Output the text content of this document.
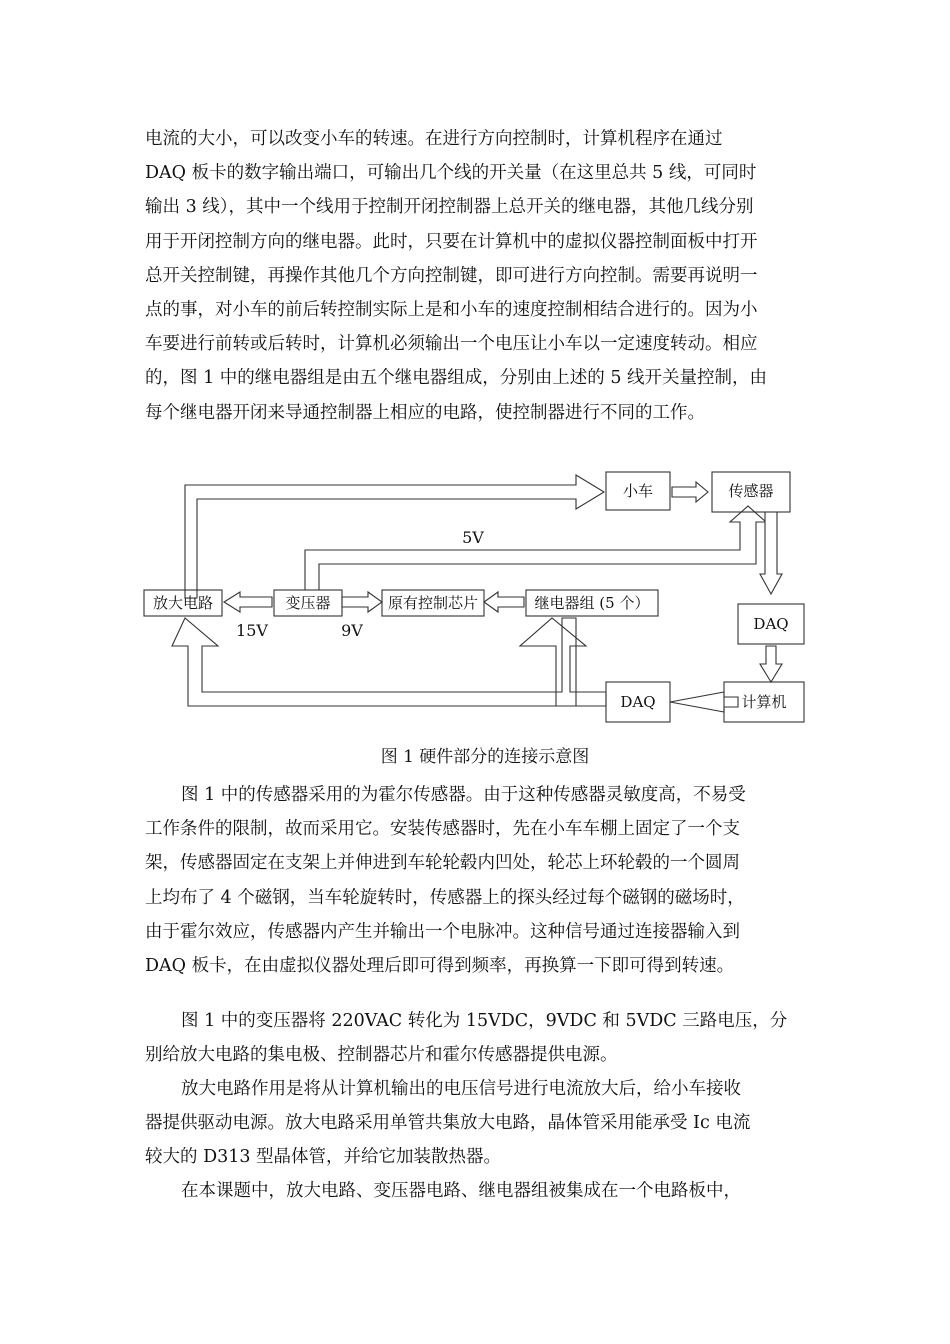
电流的大小，可以改变小车的转速。在进行方向控制时，计算机程序在通过
DAQ 板卡的数字输出端口，可输出几个线的开关量（在这里总共 5 线，可同时
输出 3 线），其中一个线用于控制开闭控制器上总开关的继电器，其他几线分别
用于开闭控制方向的继电器。此时，只要在计算机中的虚拟仪器控制面板中打开
总开关控制键，再操作其他几个方向控制键，即可进行方向控制。需要再说明一
点的事，对小车的前后转控制实际上是和小车的速度控制相结合进行的。因为小
车要进行前转或后转时，计算机必须输出一个电压让小车以一定速度转动。相应
的，图 1 中的继电器组是由五个继电器组成，分别由上述的 5 线开关量控制，由
每个继电器开闭来导通控制器上相应的电路，使控制器进行不同的工作。
小车	传感器
DAQ
计算机
DAQ
继电器组 (5 个）
原有控制芯片
变压器
放大电路
5V
15V	9V
图 1 硬件部分的连接示意图
图 1 中的传感器采用的为霍尔传感器。由于这种传感器灵敏度高，不易受
工作条件的限制，故而采用它。安装传感器时，先在小车车棚上固定了一个支
架，传感器固定在支架上并伸进到车轮轮毂内凹处，轮芯上环轮毂的一个圆周
上均布了 4 个磁钢，当车轮旋转时，传感器上的探头经过每个磁钢的磁场时，
由于霍尔效应，传感器内产生并输出一个电脉冲。这种信号通过连接器输入到
DAQ 板卡，在由虚拟仪器处理后即可得到频率，再换算一下即可得到转速。
图 1 中的变压器将 220VAC 转化为 15VDC，9VDC 和 5VDC 三路电压，分
别给放大电路的集电极、控制器芯片和霍尔传感器提供电源。
放大电路作用是将从计算机输出的电压信号进行电流放大后，给小车接收
器提供驱动电源。放大电路采用单管共集放大电路，晶体管采用能承受 Ic 电流
较大的 D313 型晶体管，并给它加装散热器。
在本课题中，放大电路、变压器电路、继电器组被集成在一个电路板中，
